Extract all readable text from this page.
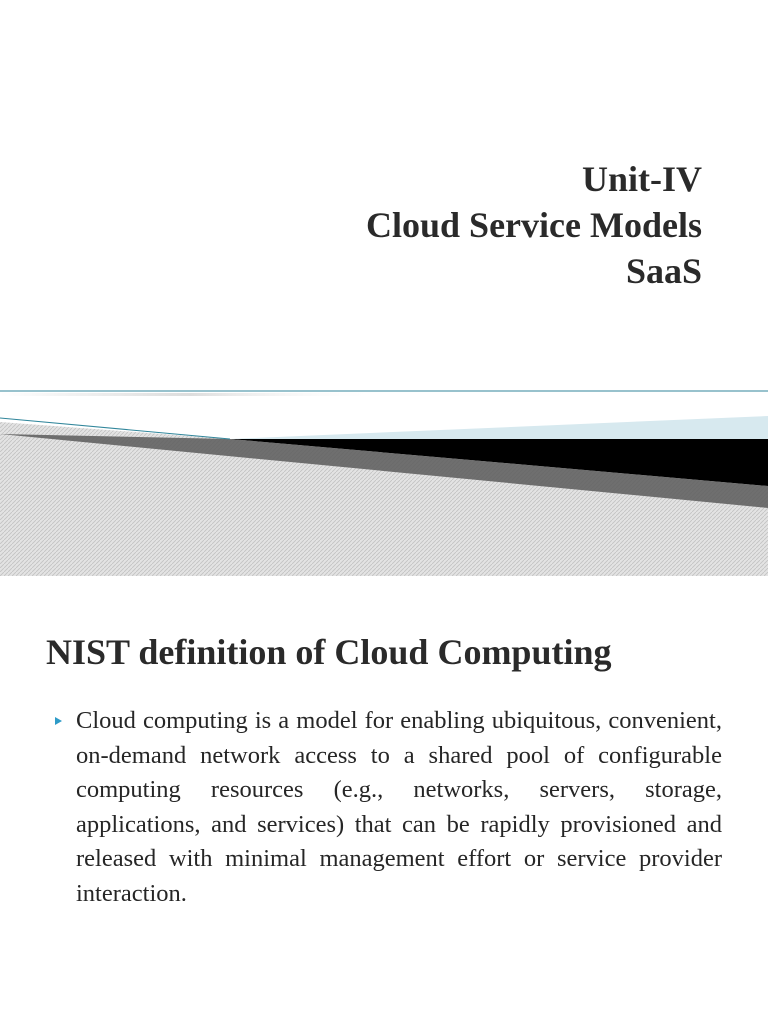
Unit-IV
Cloud Service Models
SaaS
NIST definition of Cloud Computing
Cloud computing is a model for enabling ubiquitous, convenient, on-demand network access to a shared pool of configurable computing resources (e.g., networks, servers, storage, applications, and services) that can be rapidly provisioned and released with minimal management effort or service provider interaction.
